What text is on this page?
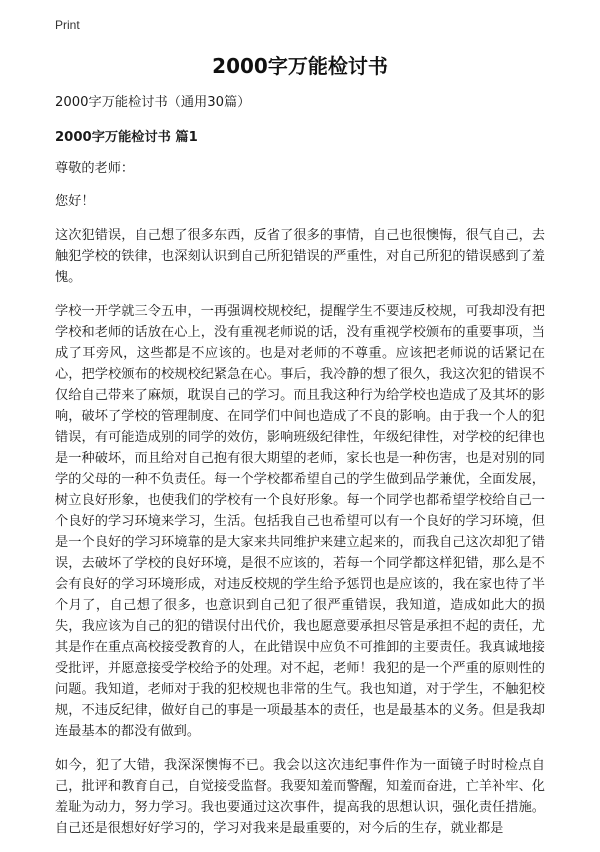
Print
2000字万能检讨书

2000字万能检讨书（通用30篇）

2000字万能检讨书 篇1

尊敬的老师：

您好！

这次犯错误，自己想了很多东西，反省了很多的事情，自己也很懊悔，很气自己，去触犯学校的铁律，也深刻认识到自己所犯错误的严重性，对自己所犯的错误感到了羞愧。

学校一开学就三令五申，一再强调校规校纪，提醒学生不要违反校规，可我却没有把学校和老师的话放在心上，没有重视老师说的话，没有重视学校颁布的重要事项，当成了耳旁风，这些都是不应该的。也是对老师的不尊重。应该把老师说的话紧记在心，把学校颁布的校规校纪紧急在心。事后，我冷静的想了很久，我这次犯的错误不仅给自己带来了麻烦，耽误自己的学习。而且我这种行为给学校也造成了及其坏的影响，破坏了学校的管理制度、在同学们中间也造成了不良的影响。由于我一个人的犯错误，有可能造成别的同学的效仿，影响班级纪律性，年级纪律性，对学校的纪律也是一种破坏，而且给对自己抱有很大期望的老师，家长也是一种伤害，也是对别的同学的父母的一种不负责任。每一个学校都希望自己的学生做到品学兼优，全面发展，树立良好形象，也使我们的学校有一个良好形象。每一个同学也都希望学校给自己一个良好的学习环境来学习，生活。包括我自己也希望可以有一个良好的学习环境，但是一个良好的学习环境靠的是大家来共同维护来建立起来的，而我自己这次却犯了错误，去破坏了学校的良好环境，是很不应该的，若每一个同学都这样犯错，那么是不会有良好的学习环境形成，对违反校规的学生给予惩罚也是应该的，我在家也待了半个月了，自己想了很多，也意识到自己犯了很严重错误，我知道，造成如此大的损失，我应该为自己的犯的错误付出代价，我也愿意要承担尽管是承担不起的责任，尤其是作在重点高校接受教育的人，在此错误中应负不可推卸的主要责任。我真诚地接受批评，并愿意接受学校给予的处理。对不起，老师！我犯的是一个严重的原则性的问题。我知道，老师对于我的犯校规也非常的生气。我也知道，对于学生，不触犯校规，不违反纪律，做好自己的事是一项最基本的责任，也是最基本的义务。但是我却连最基本的都没有做到。

如今，犯了大错，我深深懊悔不已。我会以这次违纪事件作为一面镜子时时检点自己，批评和教育自己，自觉接受监督。我要知羞而警醒，知羞而奋进，亡羊补牢、化羞耻为动力，努力学习。我也要通过这次事件，提高我的思想认识，强化责任措施。自己还是很想好好学习的，学习对我来是最重要的，对今后的生存，就业都是
